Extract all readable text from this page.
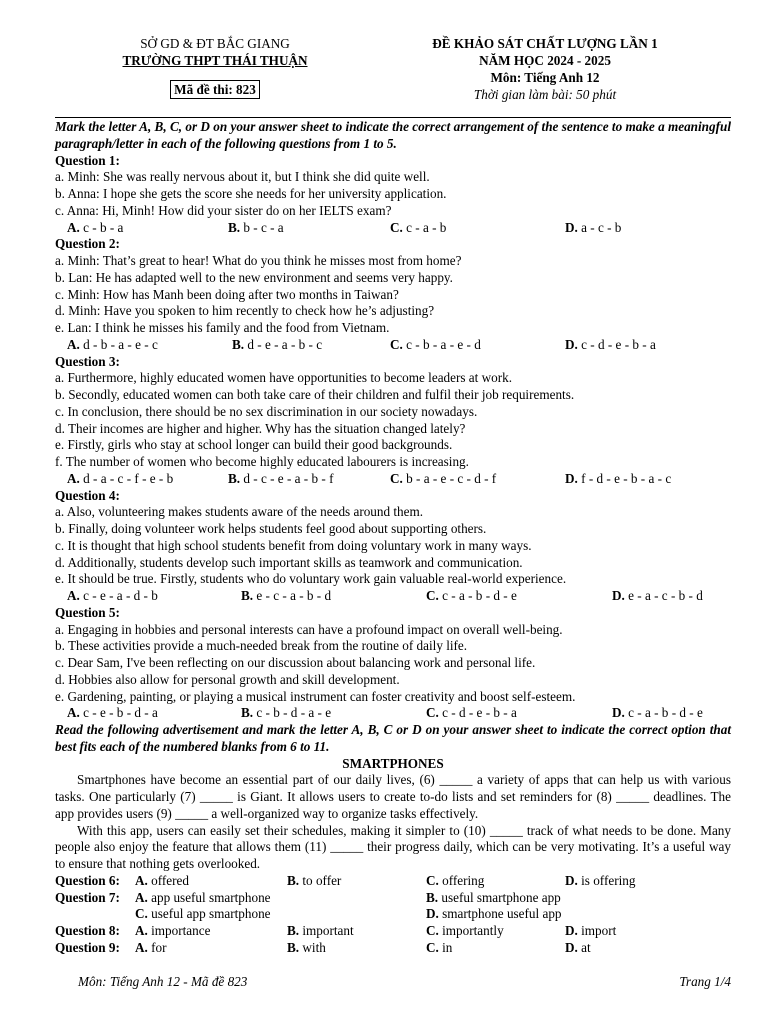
SỞ GD & ĐT BẮC GIANG
TRƯỜNG THPT THÁI THUẬN
Mã đề thi: 823
ĐỀ KHẢO SÁT CHẤT LƯỢNG LẦN 1
NĂM HỌC 2024 - 2025
Môn: Tiếng Anh 12
Thời gian làm bài: 50 phút
Mark the letter A, B, C, or D on your answer sheet to indicate the correct arrangement of the sentence to make a meaningful paragraph/letter in each of the following questions from 1 to 5.
Question 1:
a. Minh: She was really nervous about it, but I think she did quite well.
b. Anna: I hope she gets the score she needs for her university application.
c. Anna: Hi, Minh! How did your sister do on her IELTS exam?
A. c - b - a	B. b - c - a	C. c - a - b	D. a - c - b
Question 2:
a. Minh: That’s great to hear! What do you think he misses most from home?
b. Lan: He has adapted well to the new environment and seems very happy.
c. Minh: How has Manh been doing after two months in Taiwan?
d. Minh: Have you spoken to him recently to check how he’s adjusting?
e. Lan: I think he misses his family and the food from Vietnam.
A. d - b - a - e - c	B. d - e - a - b - c	C. c - b - a - e - d	D. c - d - e - b - a
Question 3:
a. Furthermore, highly educated women have opportunities to become leaders at work.
b. Secondly, educated women can both take care of their children and fulfil their job requirements.
c. In conclusion, there should be no sex discrimination in our society nowadays.
d. Their incomes are higher and higher. Why has the situation changed lately?
e. Firstly, girls who stay at school longer can build their good backgrounds.
f. The number of women who become highly educated labourers is increasing.
A. d - a - c - f - e - b	B. d - c - e - a - b - f	C. b - a - e - c - d - f	D. f - d - e - b - a - c
Question 4:
a. Also, volunteering makes students aware of the needs around them.
b. Finally, doing volunteer work helps students feel good about supporting others.
c. It is thought that high school students benefit from doing voluntary work in many ways.
d. Additionally, students develop such important skills as teamwork and communication.
e. It should be true. Firstly, students who do voluntary work gain valuable real-world experience.
A. c - e - a - d - b	B. e - c - a - b - d	C. c - a - b - d - e	D. e - a - c - b - d
Question 5:
a. Engaging in hobbies and personal interests can have a profound impact on overall well-being.
b. These activities provide a much-needed break from the routine of daily life.
c. Dear Sam, I've been reflecting on our discussion about balancing work and personal life.
d. Hobbies also allow for personal growth and skill development.
e. Gardening, painting, or playing a musical instrument can foster creativity and boost self-esteem.
A. c - e - b - d - a	B. c - b - d - a - e	C. c - d - e - b - a	D. c - a - b - d - e
Read the following advertisement and mark the letter A, B, C or D on your answer sheet to indicate the correct option that best fits each of the numbered blanks from 6 to 11.
SMARTPHONES
Smartphones have become an essential part of our daily lives, (6) _____ a variety of apps that can help us with various tasks. One particularly (7) _____ is Giant. It allows users to create to-do lists and set reminders for (8) _____ deadlines. The app provides users (9) _____ a well-organized way to organize tasks effectively.
With this app, users can easily set their schedules, making it simpler to (10) _____ track of what needs to be done. Many people also enjoy the feature that allows them (11) _____ their progress daily, which can be very motivating. It’s a useful way to ensure that nothing gets overlooked.
Question 6: A. offered	B. to offer	C. offering	D. is offering
Question 7: A. app useful smartphone	B. useful smartphone app
C. useful app smartphone	D. smartphone useful app
Question 8: A. importance	B. important	C. importantly	D. import
Question 9: A. for	B. with	C. in	D. at
Môn: Tiếng Anh 12 - Mã đề 823	Trang 1/4
